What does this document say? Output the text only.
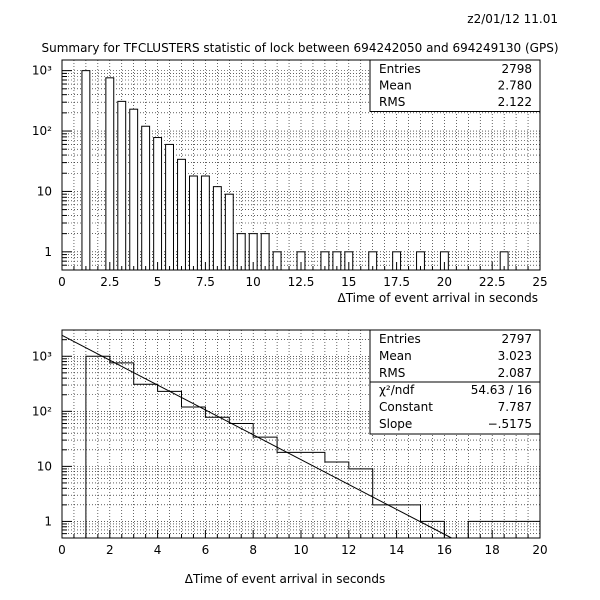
z2/01/12 11.01
Summary for TFCLUSTERS statistic of lock between 694242050 and 694249130 (GPS)
0	2.5	5	7.5	10 12.5 15 17.5 20 22.5 25
1
10
10²
10³
ΔTime of event arrival in seconds
Entries	2798
Mean	2.780
RMS	2.122
0	2	4	6	8	10	12	14	16	18	20
1
10
10²
10³
ΔTime of event arrival in seconds
Entries	2797
Mean	3.023
RMS	2.087
χ²/ndf	54.63 / 16
Constant	7.787
Slope	−.5175
